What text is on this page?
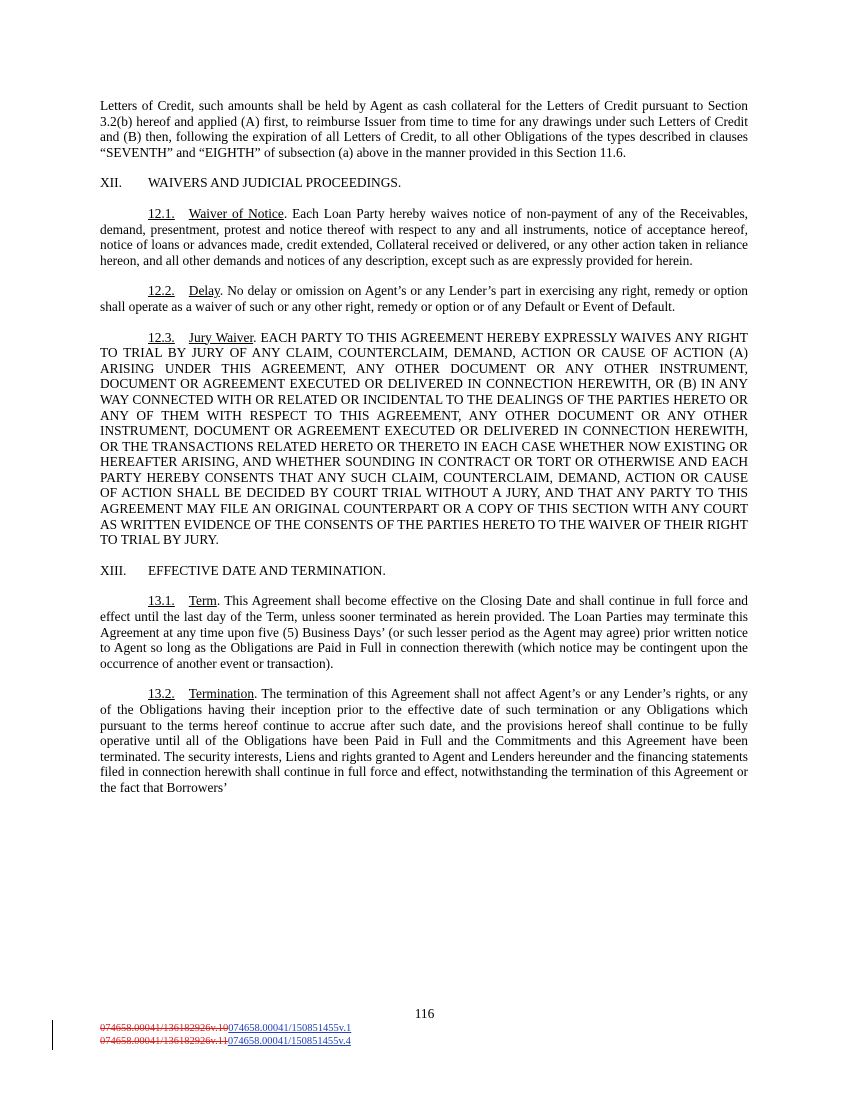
Letters of Credit, such amounts shall be held by Agent as cash collateral for the Letters of Credit pursuant to Section 3.2(b) hereof and applied (A) first, to reimburse Issuer from time to time for any drawings under such Letters of Credit and (B) then, following the expiration of all Letters of Credit, to all other Obligations of the types described in clauses “SEVENTH” and “EIGHTH” of subsection (a) above in the manner provided in this Section 11.6.

XII. WAIVERS AND JUDICIAL PROCEEDINGS.

12.1. Waiver of Notice. Each Loan Party hereby waives notice of non-payment of any of the Receivables, demand, presentment, protest and notice thereof with respect to any and all instruments, notice of acceptance hereof, notice of loans or advances made, credit extended, Collateral received or delivered, or any other action taken in reliance hereon, and all other demands and notices of any description, except such as are expressly provided for herein.

12.2. Delay. No delay or omission on Agent’s or any Lender’s part in exercising any right, remedy or option shall operate as a waiver of such or any other right, remedy or option or of any Default or Event of Default.

12.3. Jury Waiver. EACH PARTY TO THIS AGREEMENT HEREBY EXPRESSLY WAIVES ANY RIGHT TO TRIAL BY JURY OF ANY CLAIM, COUNTERCLAIM, DEMAND, ACTION OR CAUSE OF ACTION (A) ARISING UNDER THIS AGREEMENT, ANY OTHER DOCUMENT OR ANY OTHER INSTRUMENT, DOCUMENT OR AGREEMENT EXECUTED OR DELIVERED IN CONNECTION HEREWITH, OR (B) IN ANY WAY CONNECTED WITH OR RELATED OR INCIDENTAL TO THE DEALINGS OF THE PARTIES HERETO OR ANY OF THEM WITH RESPECT TO THIS AGREEMENT, ANY OTHER DOCUMENT OR ANY OTHER INSTRUMENT, DOCUMENT OR AGREEMENT EXECUTED OR DELIVERED IN CONNECTION HEREWITH, OR THE TRANSACTIONS RELATED HERETO OR THERETO IN EACH CASE WHETHER NOW EXISTING OR HEREAFTER ARISING, AND WHETHER SOUNDING IN CONTRACT OR TORT OR OTHERWISE AND EACH PARTY HEREBY CONSENTS THAT ANY SUCH CLAIM, COUNTERCLAIM, DEMAND, ACTION OR CAUSE OF ACTION SHALL BE DECIDED BY COURT TRIAL WITHOUT A JURY, AND THAT ANY PARTY TO THIS AGREEMENT MAY FILE AN ORIGINAL COUNTERPART OR A COPY OF THIS SECTION WITH ANY COURT AS WRITTEN EVIDENCE OF THE CONSENTS OF THE PARTIES HERETO TO THE WAIVER OF THEIR RIGHT TO TRIAL BY JURY.

XIII. EFFECTIVE DATE AND TERMINATION.

13.1. Term. This Agreement shall become effective on the Closing Date and shall continue in full force and effect until the last day of the Term, unless sooner terminated as herein provided. The Loan Parties may terminate this Agreement at any time upon five (5) Business Days’ (or such lesser period as the Agent may agree) prior written notice to Agent so long as the Obligations are Paid in Full in connection therewith (which notice may be contingent upon the occurrence of another event or transaction).

13.2. Termination. The termination of this Agreement shall not affect Agent’s or any Lender’s rights, or any of the Obligations having their inception prior to the effective date of such termination or any Obligations which pursuant to the terms hereof continue to accrue after such date, and the provisions hereof shall continue to be fully operative until all of the Obligations have been Paid in Full and the Commitments and this Agreement have been terminated. The security interests, Liens and rights granted to Agent and Lenders hereunder and the financing statements filed in connection herewith shall continue in full force and effect, notwithstanding the termination of this Agreement or the fact that Borrowers’

116
074658.00041/136182926v.10074658.00041/150851455v.1
074658.00041/136182926v.11074658.00041/150851455v.4
